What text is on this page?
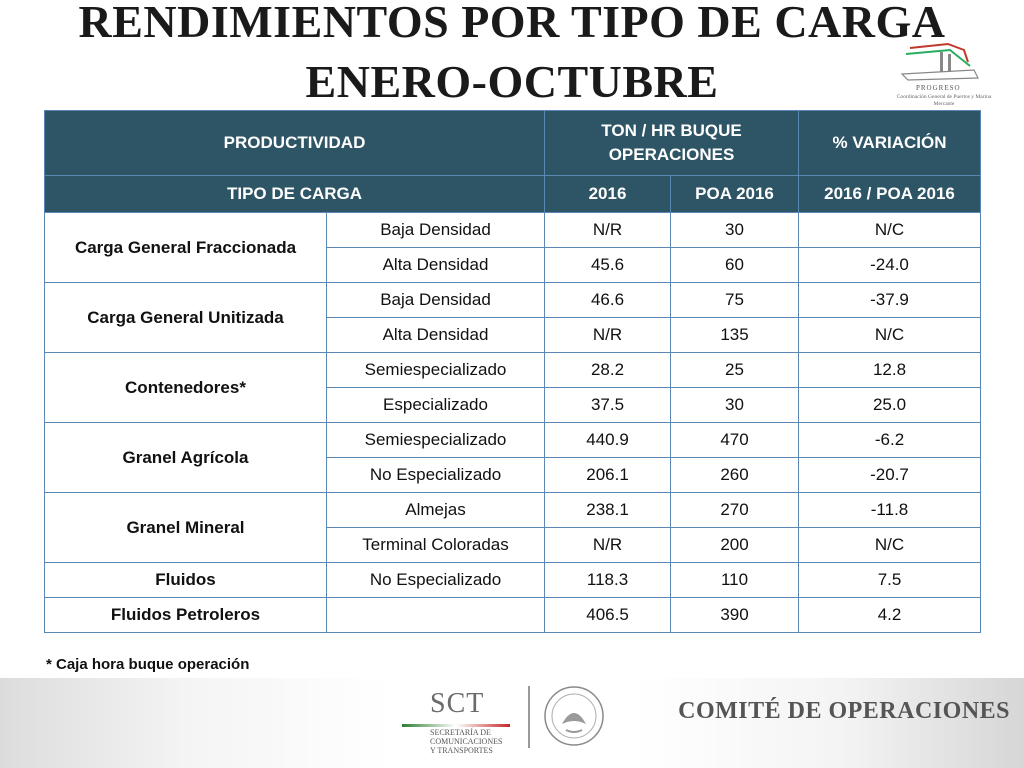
RENDIMIENTOS POR TIPO DE CARGA
ENERO-OCTUBRE	PROGRESO
Coordinación General de Puertos y Marina Mercante
PRODUCTIVIDAD		TON / HR BUQUE OPERACIONES		% VARIACIÓN
TIPO DE CARGA		2016	POA 2016	2016 / POA 2016
Carga General Fraccionada	Baja Densidad	N/R	30	N/C
	Alta Densidad	45.6	60	-24.0
Carga General Unitizada	Baja Densidad	46.6	75	-37.9
	Alta Densidad	N/R	135	N/C
Contenedores*	Semiespecializado	28.2	25	12.8
	Especializado	37.5	30	25.0
Granel Agrícola	Semiespecializado	440.9	470	-6.2
	No Especializado	206.1	260	-20.7
Granel Mineral	Almejas	238.1	270	-11.8
	Terminal Coloradas	N/R	200	N/C
Fluidos	No Especializado	118.3	110	7.5
Fluidos Petroleros		406.5	390	4.2
* Caja hora buque operación
SCT
SECRETARÍA DE
COMUNICACIONES
Y TRANSPORTES
COMITÉ DE OPERACIONES
